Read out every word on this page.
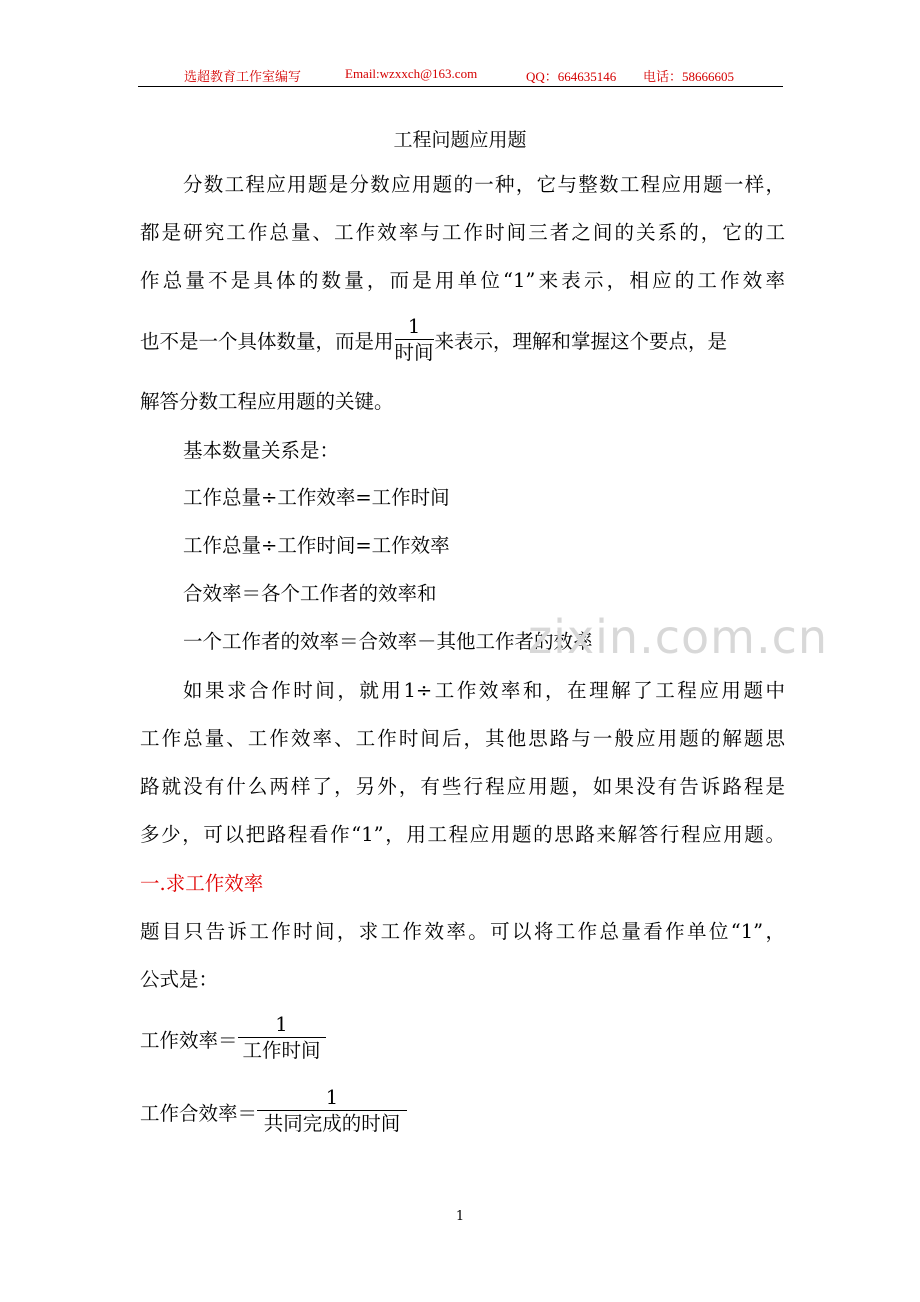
选超教育工作室编写	Email:wzxxch@163.com	QQ：664635146 电话：58666605
工程问题应用题
分数工程应用题是分数应用题的一种，它与整数工程应用题一样，
都是研究工作总量、工作效率与工作时间三者之间的关系的，它的工
作总量不是具体的数量，而是用单位“1”来表示，相应的工作效率
也不是一个具体数量，而是用 $\frac{1}{\text{时间}}$ 来表示，理解和掌握这个要点，是
解答分数工程应用题的关键。
基本数量关系是：
工作总量÷工作效率=工作时间
工作总量÷工作时间=工作效率
合效率＝各个工作者的效率和
一个工作者的效率＝合效率－其他工作者的效率
如果求合作时间，就用1÷工作效率和，在理解了工程应用题中
工作总量、工作效率、工作时间后，其他思路与一般应用题的解题思
路就没有什么两样了，另外，有些行程应用题，如果没有告诉路程是
多少，可以把路程看作“1”，用工程应用题的思路来解答行程应用题。
一.求工作效率
题目只告诉工作时间，求工作效率。可以将工作总量看作单位“1”，
公式是：
工作效率＝ $\frac{1}{\text{工作时间}}$
工作合效率＝ $\frac{1}{\text{共同完成的时间}}$
zixin.com.cn
1
